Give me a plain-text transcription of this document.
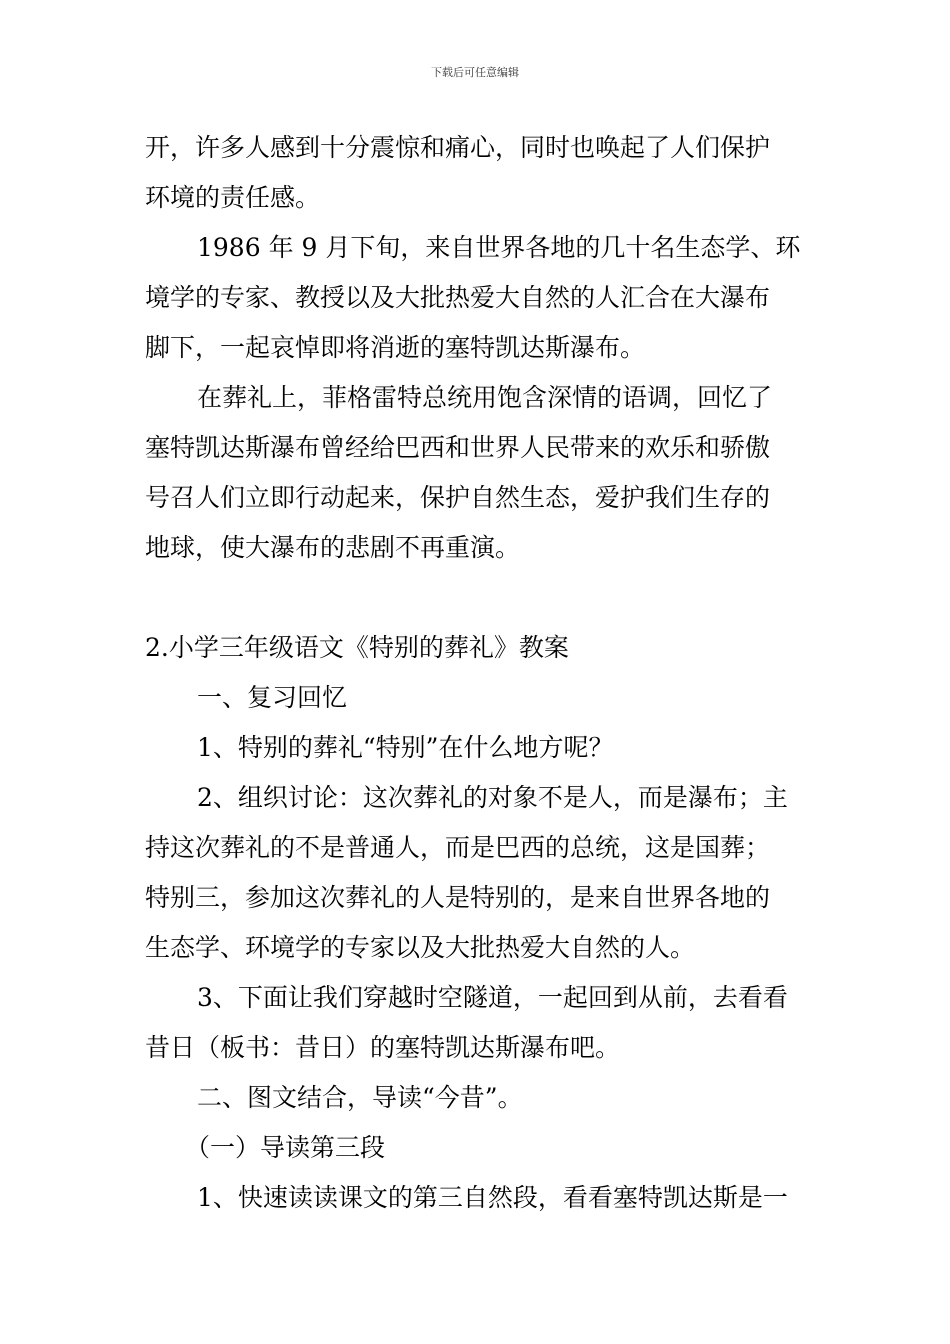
下载后可任意编辑
开，许多人感到十分震惊和痛心，同时也唤起了人们保护
环境的责任感。
1986 年 9 月下旬，来自世界各地的几十名生态学、环
境学的专家、教授以及大批热爱大自然的人汇合在大瀑布
脚下，一起哀悼即将消逝的塞特凯达斯瀑布。
在葬礼上，菲格雷特总统用饱含深情的语调，回忆了
塞特凯达斯瀑布曾经给巴西和世界人民带来的欢乐和骄傲
号召人们立即行动起来，保护自然生态，爱护我们生存的
地球，使大瀑布的悲剧不再重演。
2.小学三年级语文《特别的葬礼》教案
一、复习回忆
1、特别的葬礼“特别”在什么地方呢？
2、组织讨论：这次葬礼的对象不是人，而是瀑布；主
持这次葬礼的不是普通人，而是巴西的总统，这是国葬；
特别三，参加这次葬礼的人是特别的，是来自世界各地的
生态学、环境学的专家以及大批热爱大自然的人。
3、下面让我们穿越时空隧道，一起回到从前，去看看
昔日（板书：昔日）的塞特凯达斯瀑布吧。
二、图文结合，导读“今昔”。
（一）导读第三段
1、快速读读课文的第三自然段，看看塞特凯达斯是一
